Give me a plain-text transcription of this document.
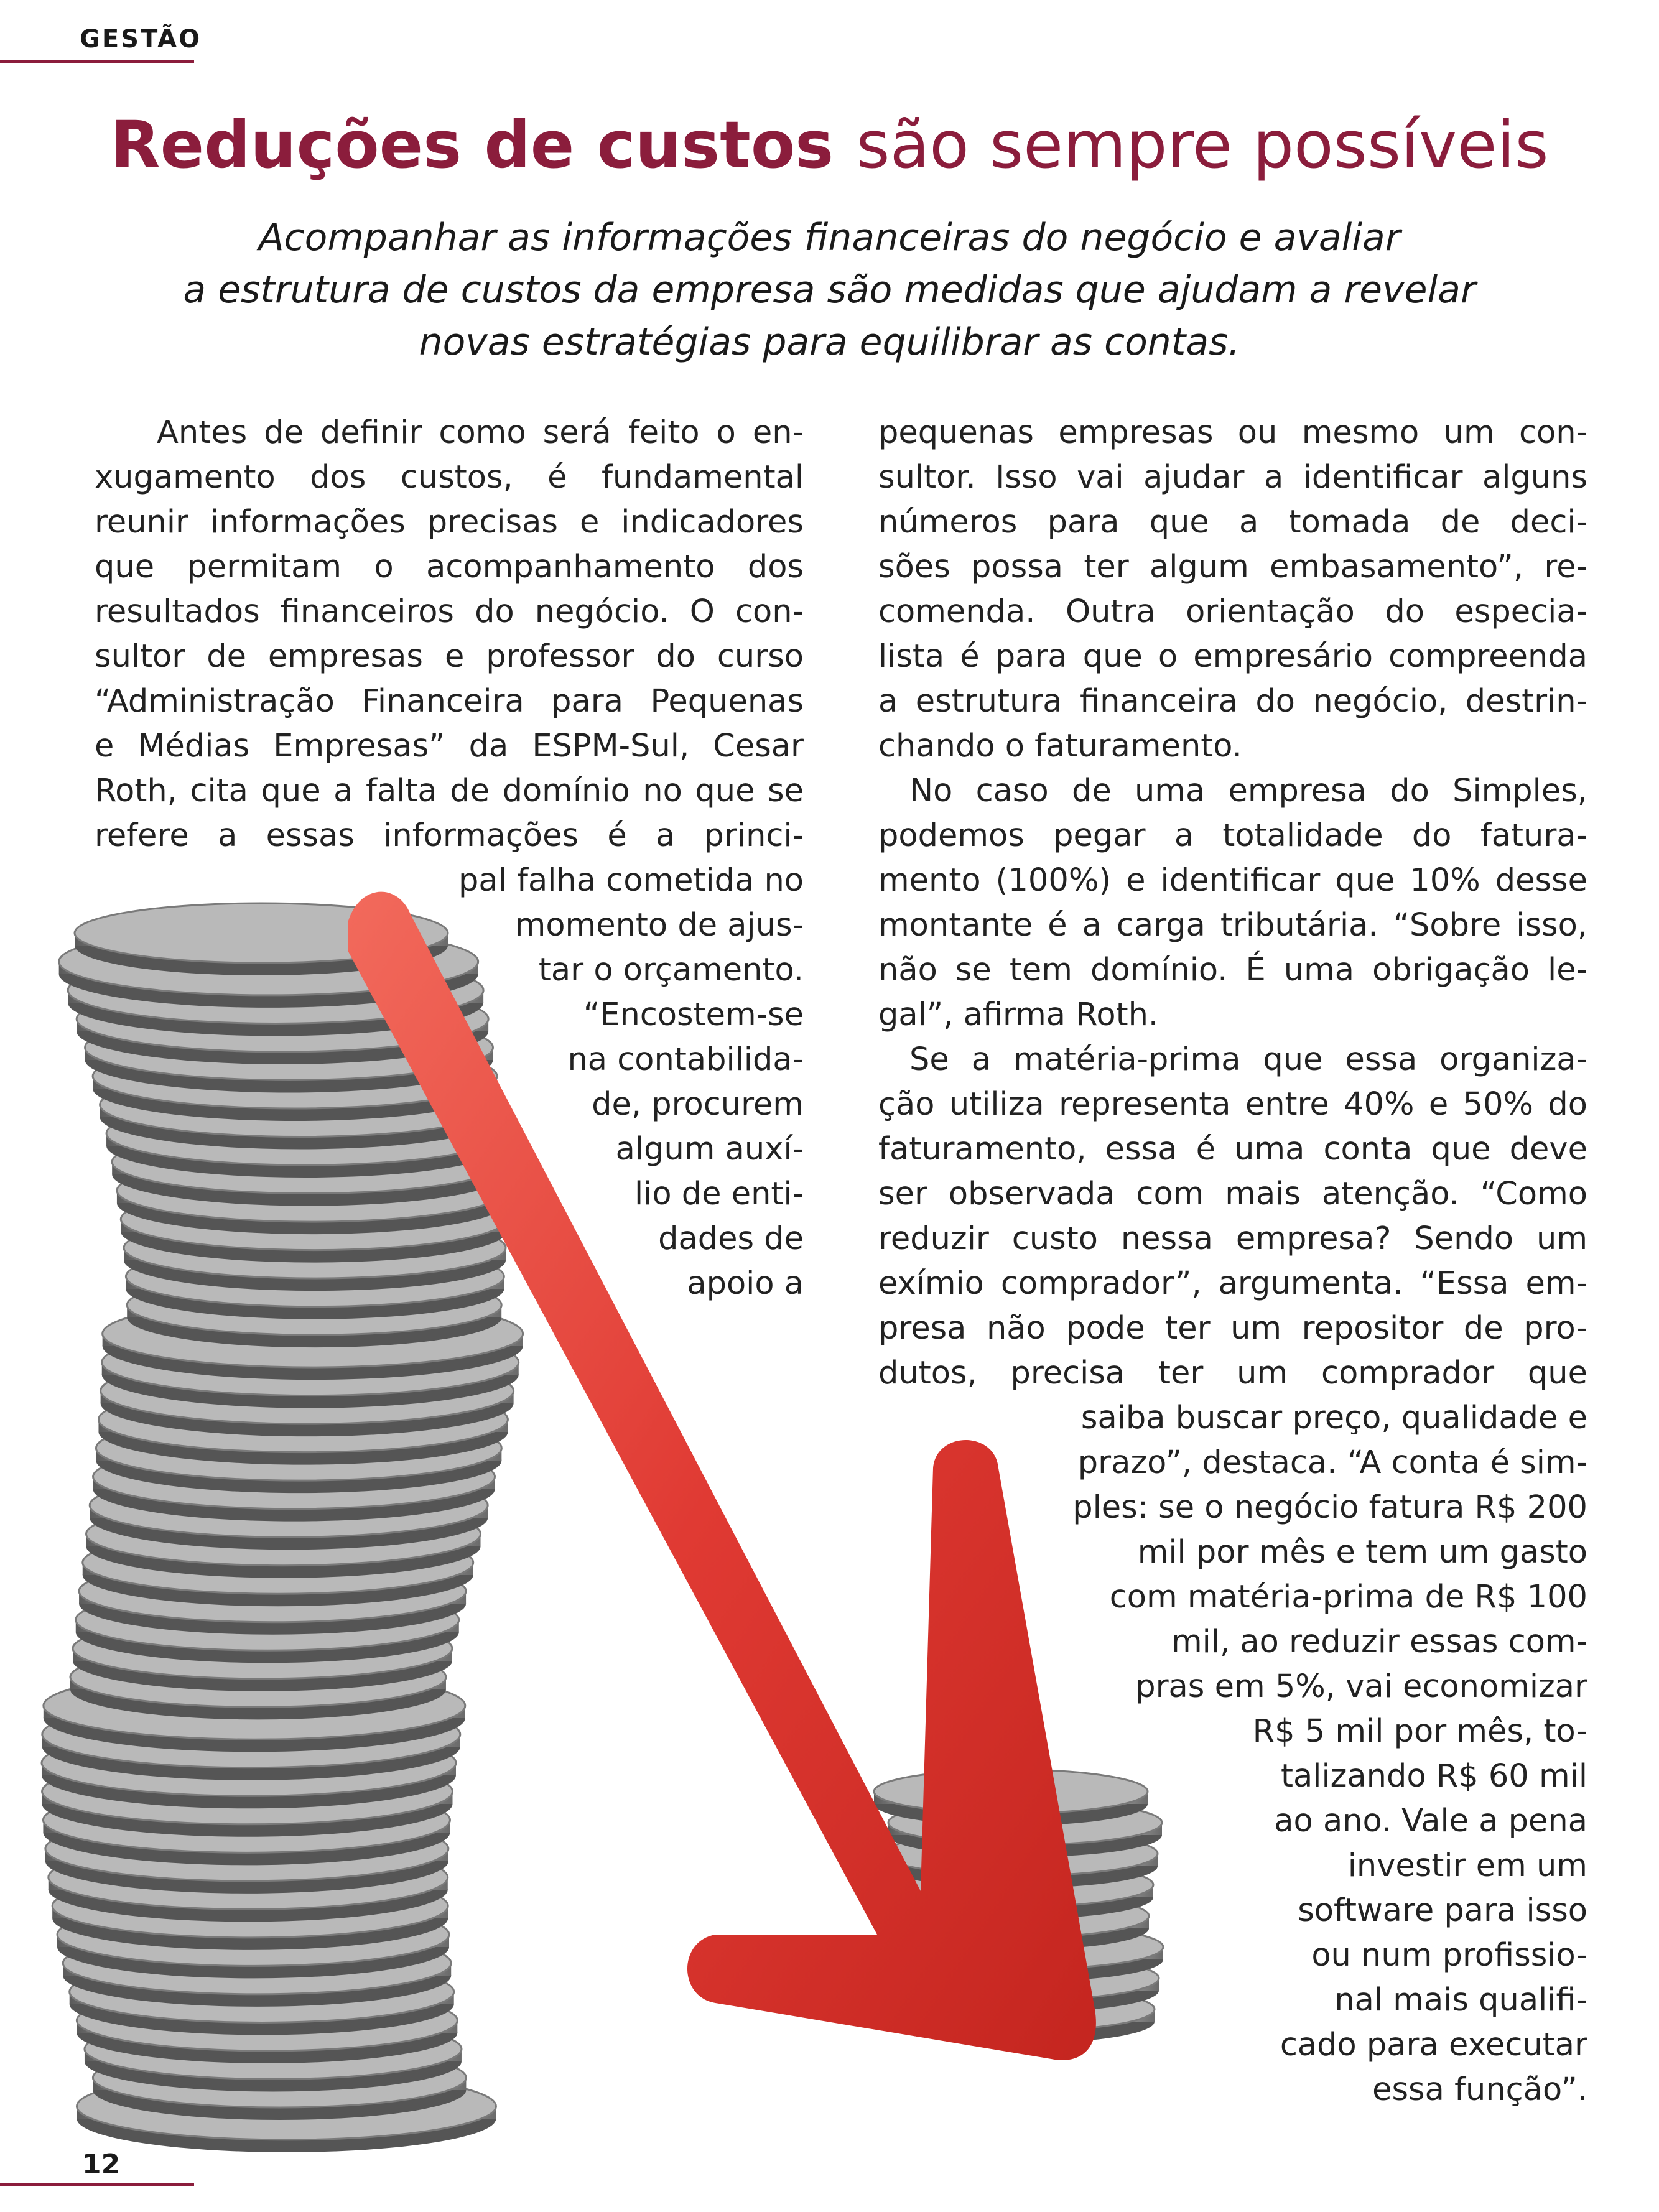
GESTÃO
Reduções de custos são sempre possíveis
Acompanhar as informações financeiras do negócio e avaliar
a estrutura de custos da empresa são medidas que ajudam a revelar
novas estratégias para equilibrar as contas.
Antes de definir como será feito o en-
xugamento dos custos, é fundamental
reunir informações precisas e indicadores
que permitam o acompanhamento dos
resultados financeiros do negócio. O con-
sultor de empresas e professor do curso
“Administração Financeira para Pequenas
e Médias Empresas” da ESPM-Sul, Cesar
Roth, cita que a falta de domínio no que se
refere a essas informações é a princi-
pal falha cometida no
momento de ajus-
tar o orçamento.
“Encostem-se
na contabilida-
de, procurem
algum auxí-
lio de enti-
dades de
apoio a
pequenas empresas ou mesmo um con-
sultor. Isso vai ajudar a identificar alguns
números para que a tomada de deci-
sões possa ter algum embasamento”, re-
comenda. Outra orientação do especia-
lista é para que o empresário compreenda
a estrutura financeira do negócio, destrin-
chando o faturamento.
No caso de uma empresa do Simples,
podemos pegar a totalidade do fatura-
mento (100%) e identificar que 10% desse
montante é a carga tributária. “Sobre isso,
não se tem domínio. É uma obrigação le-
gal”, afirma Roth.
Se a matéria-prima que essa organiza-
ção utiliza representa entre 40% e 50% do
faturamento, essa é uma conta que deve
ser observada com mais atenção. “Como
reduzir custo nessa empresa? Sendo um
exímio comprador”, argumenta. “Essa em-
presa não pode ter um repositor de pro-
dutos, precisa ter um comprador que
saiba buscar preço, qualidade e
prazo”, destaca. “A conta é sim-
ples: se o negócio fatura R$ 200
mil por mês e tem um gasto
com matéria-prima de R$ 100
mil, ao reduzir essas com-
pras em 5%, vai economizar
R$ 5 mil por mês, to-
talizando R$ 60 mil
ao ano. Vale a pena
investir em um
software para isso
ou num profissio-
nal mais qualifi-
cado para executar
essa função”.
12
